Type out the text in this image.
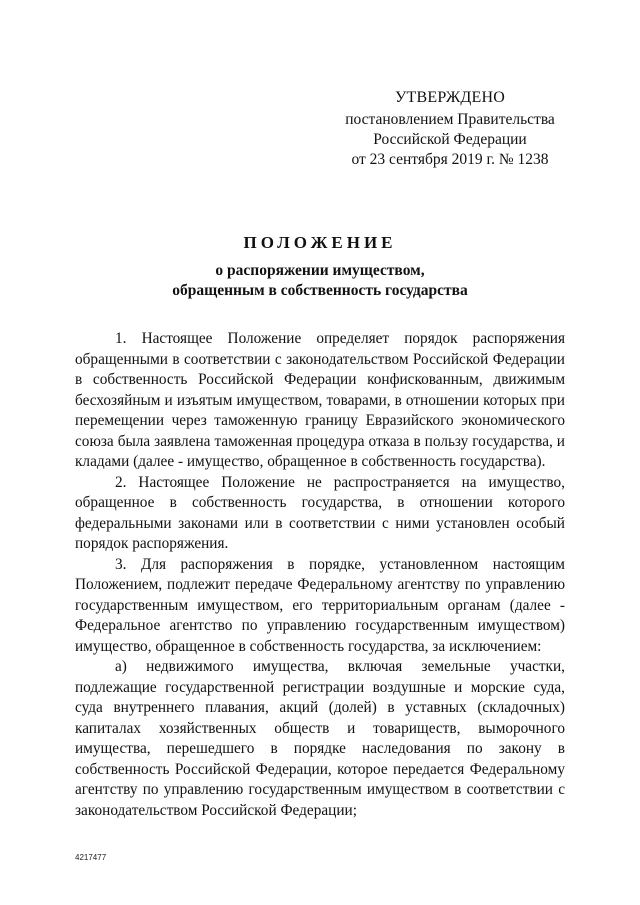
УТВЕРЖДЕНО
постановлением Правительства
Российской Федерации
от 23 сентября 2019 г. № 1238
ПОЛОЖЕНИЕ
о распоряжении имуществом,
обращенным в собственность государства

1. Настоящее Положение определяет порядок распоряжения обращенными в соответствии с законодательством Российской Федерации в собственность Российской Федерации конфискованным, движимым бесхозяйным и изъятым имуществом, товарами, в отношении которых при перемещении через таможенную границу Евразийского экономического союза была заявлена таможенная процедура отказа в пользу государства, и кладами (далее - имущество, обращенное в собственность государства).

2. Настоящее Положение не распространяется на имущество, обращенное в собственность государства, в отношении которого федеральными законами или в соответствии с ними установлен особый порядок распоряжения.

3. Для распоряжения в порядке, установленном настоящим Положением, подлежит передаче Федеральному агентству по управлению государственным имуществом, его территориальным органам (далее - Федеральное агентство по управлению государственным имуществом) имущество, обращенное в собственность государства, за исключением:

а) недвижимого имущества, включая земельные участки, подлежащие государственной регистрации воздушные и морские суда, суда внутреннего плавания, акций (долей) в уставных (складочных) капиталах хозяйственных обществ и товариществ, выморочного имущества, перешедшего в порядке наследования по закону в собственность Российской Федерации, которое передается Федеральному агентству по управлению государственным имуществом в соответствии с законодательством Российской Федерации;

4217477
